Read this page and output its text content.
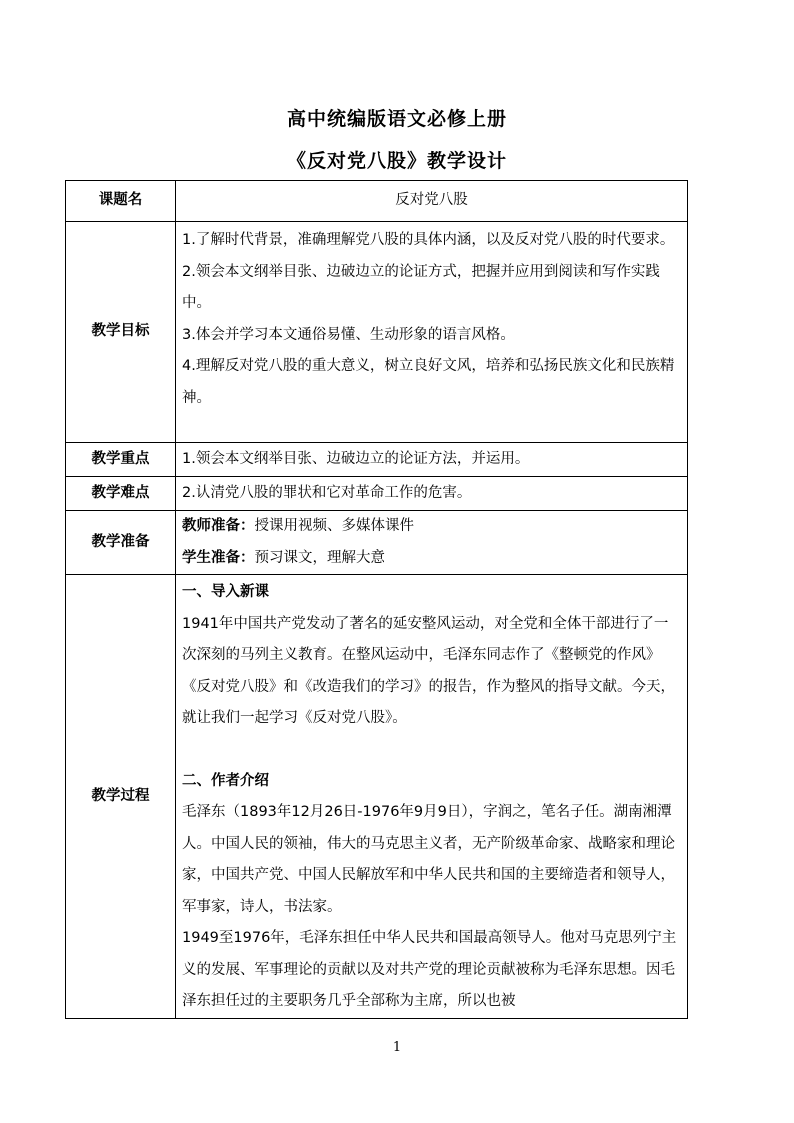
高中统编版语文必修上册
《反对党八股》教学设计
课题名	反对党八股
教学目标	1.了解时代背景，准确理解党八股的具体内涵，以及反对党八股的时代要求。

2.领会本文纲举目张、边破边立的论证方式，把握并应用到阅读和写作实践中。

3.体会并学习本文通俗易懂、生动形象的语言风格。

4.理解反对党八股的重大意义，树立良好文风，培养和弘扬民族文化和民族精神。

教学重点	1.领会本文纲举目张、边破边立的论证方法，并运用。
教学难点	2.认清党八股的罪状和它对革命工作的危害。
教学准备	教师准备：授课用视频、多媒体课件

学生准备：预习课文，理解大意

教学过程	一、导入新课

1941年中国共产党发动了著名的延安整风运动，对全党和全体干部进行了一次深刻的马列主义教育。在整风运动中，毛泽东同志作了《整顿党的作风》《反对党八股》和《改造我们的学习》的报告，作为整风的指导文献。今天，就让我们一起学习《反对党八股》。

二、作者介绍

毛泽东（1893年12月26日-1976年9月9日），字润之，笔名子任。湖南湘潭人。中国人民的领袖，伟大的马克思主义者，无产阶级革命家、战略家和理论家，中国共产党、中国人民解放军和中华人民共和国的主要缔造者和领导人，军事家，诗人，书法家。

1949至1976年，毛泽东担任中华人民共和国最高领导人。他对马克思列宁主义的发展、军事理论的贡献以及对共产党的理论贡献被称为毛泽东思想。因毛泽东担任过的主要职务几乎全部称为主席，所以也被

1
